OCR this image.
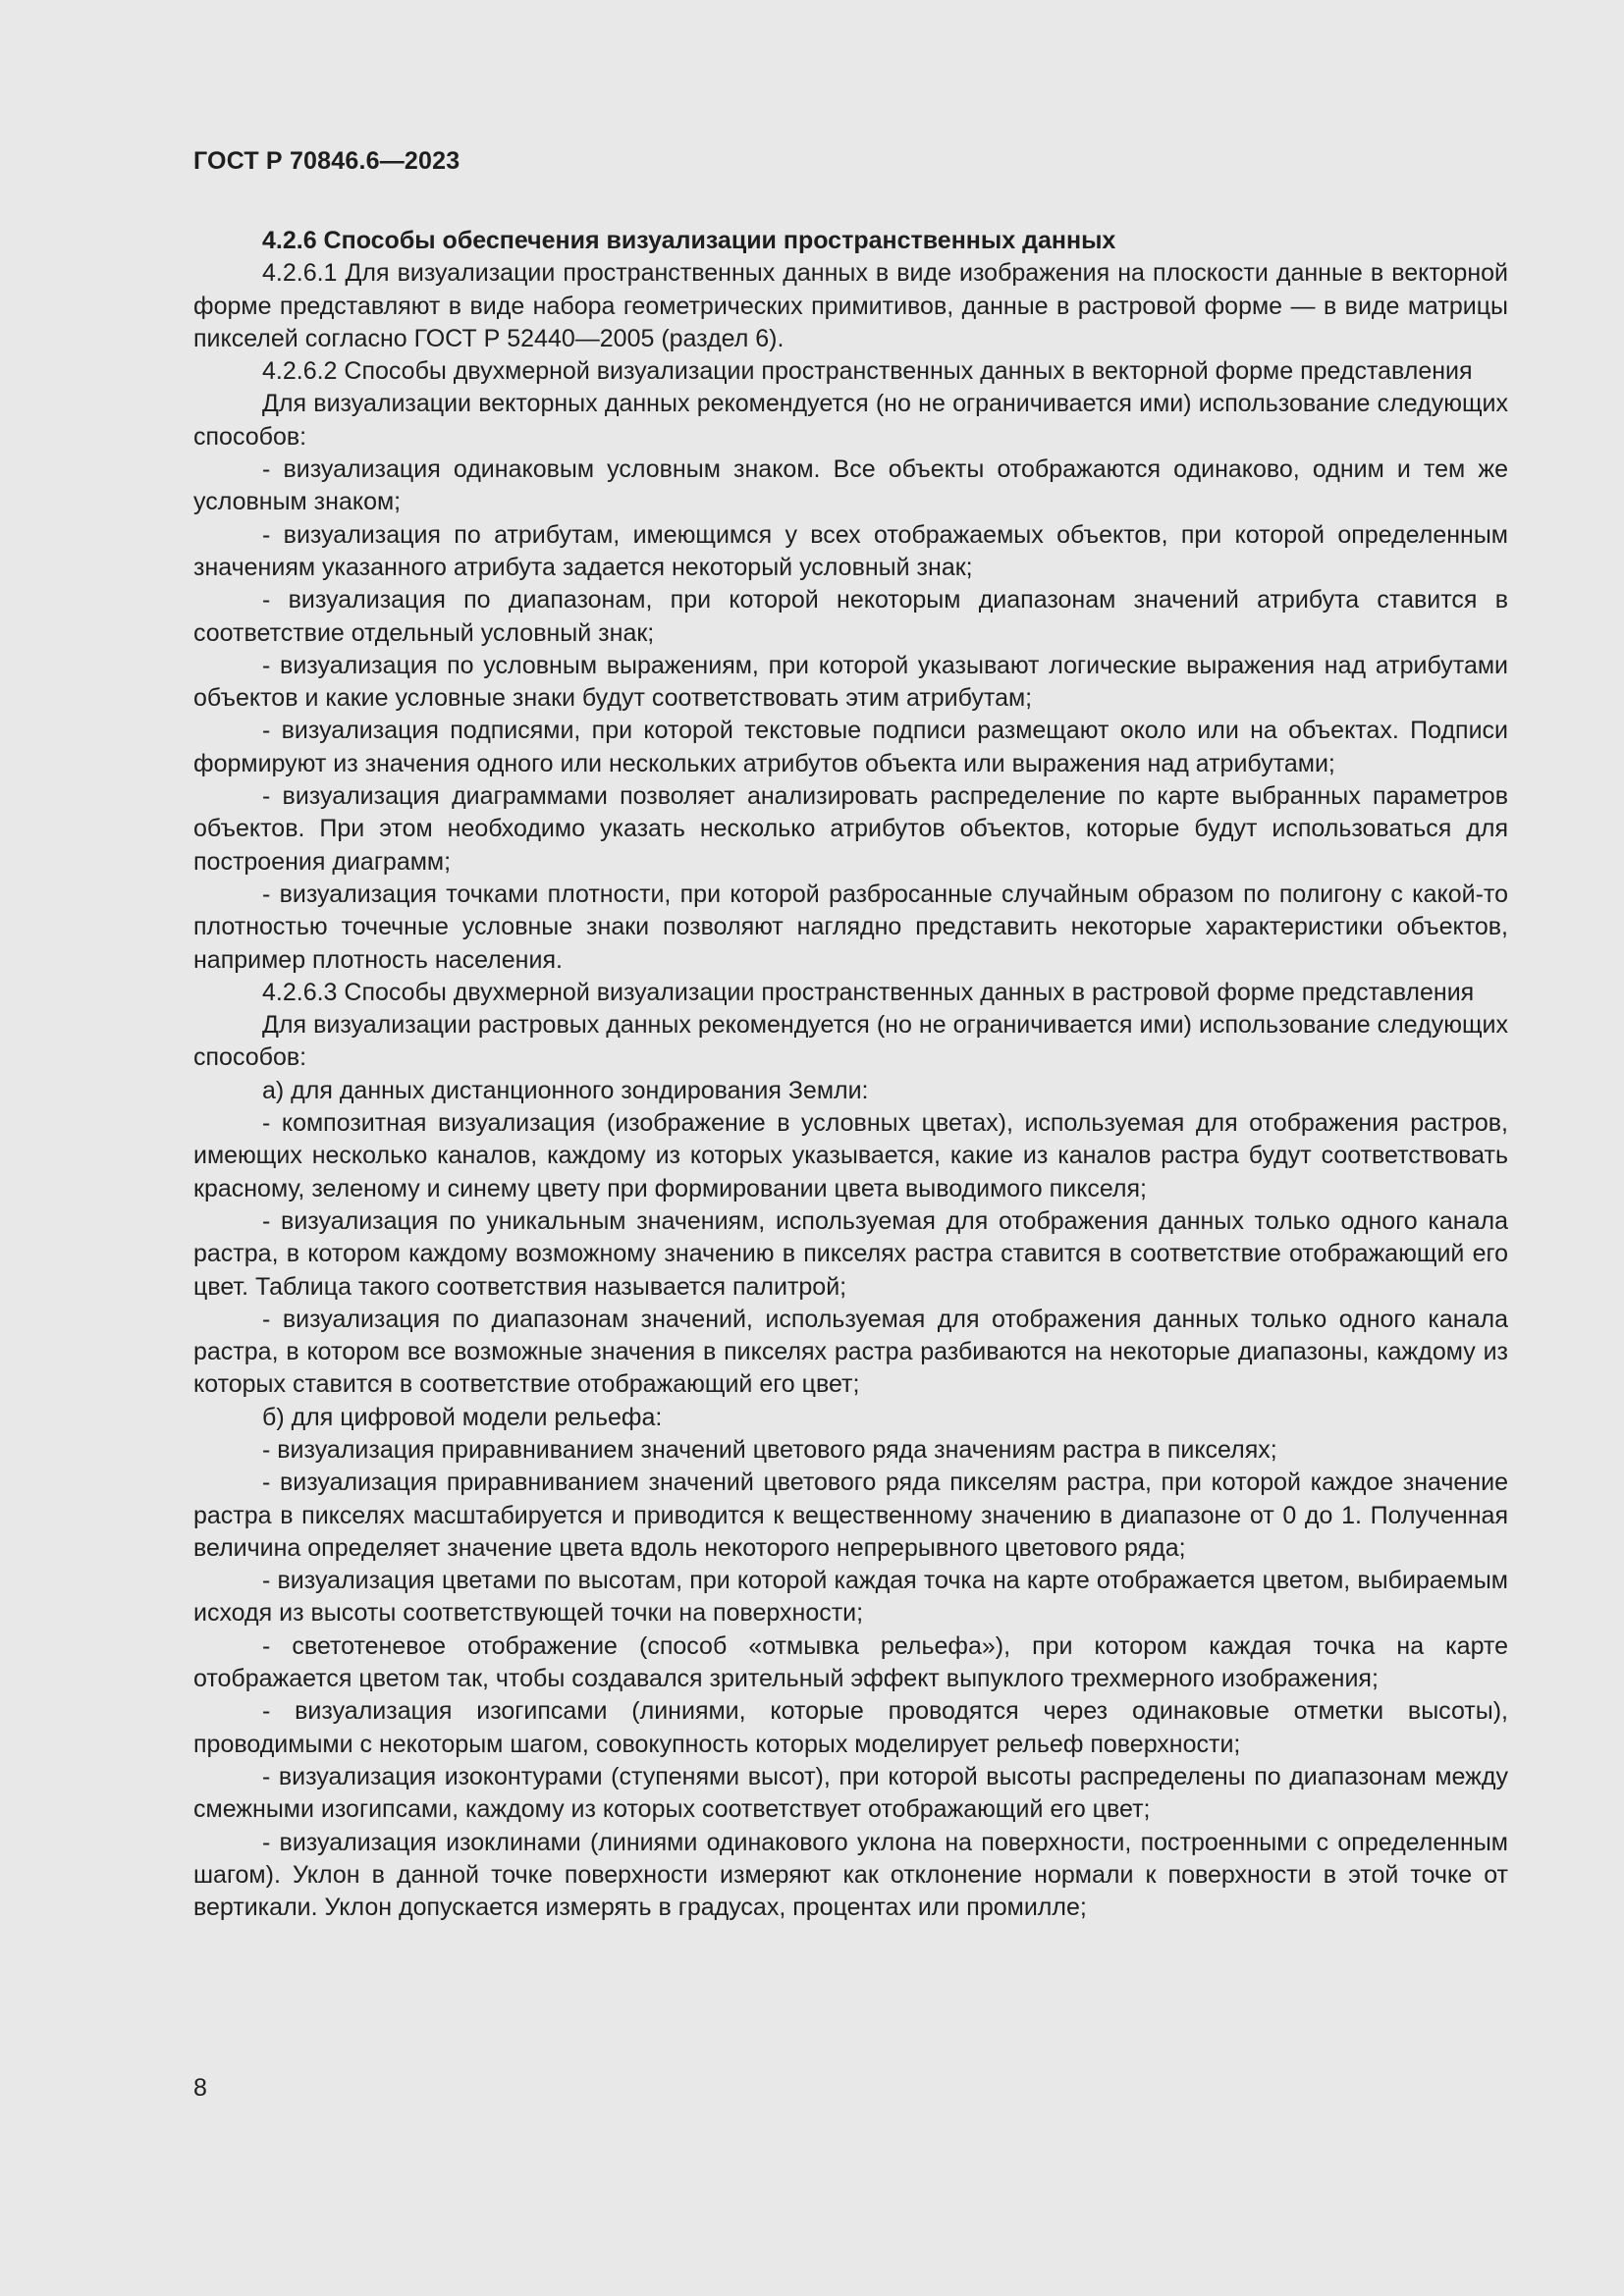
ГОСТ Р 70846.6—2023

4.2.6 Способы обеспечения визуализации пространственных данных

4.2.6.1 Для визуализации пространственных данных в виде изображения на плоскости данные в векторной форме представляют в виде набора геометрических примитивов, данные в растровой форме — в виде матрицы пикселей согласно ГОСТ Р 52440—2005 (раздел 6).

4.2.6.2 Способы двухмерной визуализации пространственных данных в векторной форме представления

Для визуализации векторных данных рекомендуется (но не ограничивается ими) использование следующих способов:

- визуализация одинаковым условным знаком. Все объекты отображаются одинаково, одним и тем же условным знаком;

- визуализация по атрибутам, имеющимся у всех отображаемых объектов, при которой определенным значениям указанного атрибута задается некоторый условный знак;

- визуализация по диапазонам, при которой некоторым диапазонам значений атрибута ставится в соответствие отдельный условный знак;

- визуализация по условным выражениям, при которой указывают логические выражения над атрибутами объектов и какие условные знаки будут соответствовать этим атрибутам;

- визуализация подписями, при которой текстовые подписи размещают около или на объектах. Подписи формируют из значения одного или нескольких атрибутов объекта или выражения над атрибутами;

- визуализация диаграммами позволяет анализировать распределение по карте выбранных параметров объектов. При этом необходимо указать несколько атрибутов объектов, которые будут использоваться для построения диаграмм;

- визуализация точками плотности, при которой разбросанные случайным образом по полигону с какой-то плотностью точечные условные знаки позволяют наглядно представить некоторые характеристики объектов, например плотность населения.

4.2.6.3 Способы двухмерной визуализации пространственных данных в растровой форме представления

Для визуализации растровых данных рекомендуется (но не ограничивается ими) использование следующих способов:

а) для данных дистанционного зондирования Земли:

- композитная визуализация (изображение в условных цветах), используемая для отображения растров, имеющих несколько каналов, каждому из которых указывается, какие из каналов растра будут соответствовать красному, зеленому и синему цвету при формировании цвета выводимого пикселя;

- визуализация по уникальным значениям, используемая для отображения данных только одного канала растра, в котором каждому возможному значению в пикселях растра ставится в соответствие отображающий его цвет. Таблица такого соответствия называется палитрой;

- визуализация по диапазонам значений, используемая для отображения данных только одного канала растра, в котором все возможные значения в пикселях растра разбиваются на некоторые диапазоны, каждому из которых ставится в соответствие отображающий его цвет;

б) для цифровой модели рельефа:

- визуализация приравниванием значений цветового ряда значениям растра в пикселях;

- визуализация приравниванием значений цветового ряда пикселям растра, при которой каждое значение растра в пикселях масштабируется и приводится к вещественному значению в диапазоне от 0 до 1. Полученная величина определяет значение цвета вдоль некоторого непрерывного цветового ряда;

- визуализация цветами по высотам, при которой каждая точка на карте отображается цветом, выбираемым исходя из высоты соответствующей точки на поверхности;

- светотеневое отображение (способ «отмывка рельефа»), при котором каждая точка на карте отображается цветом так, чтобы создавался зрительный эффект выпуклого трехмерного изображения;

- визуализация изогипсами (линиями, которые проводятся через одинаковые отметки высоты), проводимыми с некоторым шагом, совокупность которых моделирует рельеф поверхности;

- визуализация изоконтурами (ступенями высот), при которой высоты распределены по диапазонам между смежными изогипсами, каждому из которых соответствует отображающий его цвет;

- визуализация изоклинами (линиями одинакового уклона на поверхности, построенными с определенным шагом). Уклон в данной точке поверхности измеряют как отклонение нормали к поверхности в этой точке от вертикали. Уклон допускается измерять в градусах, процентах или промилле;

8
